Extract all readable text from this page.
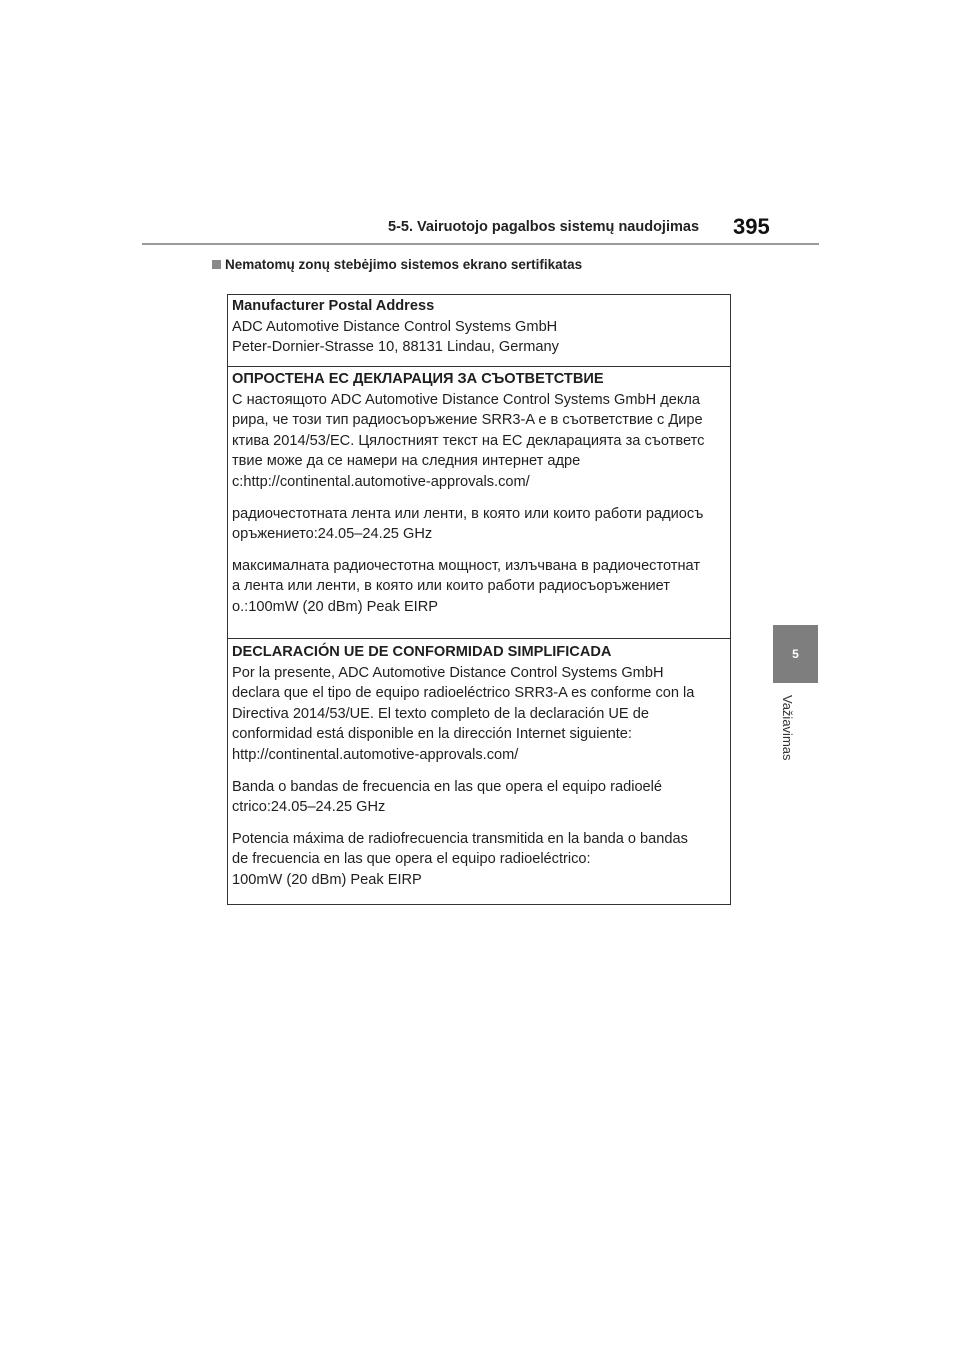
5-5. Vairuotojo pagalbos sistemų naudojimas 395
Nematomų zonų stebėjimo sistemos ekrano sertifikatas
5
Važiavimas
Manufacturer Postal Address
ADC Automotive Distance Control Systems GmbH
Peter-Dornier-Strasse 10, 88131 Lindau, Germany
ОПРОСТЕНА ЕС ДЕКЛАРАЦИЯ ЗА СЪОТВЕТСТВИЕ
С настоящото ADC Automotive Distance Control Systems GmbH декла
рира, че този тип радиосъоръжение SRR3-A е в съответствие с Дире
ктива 2014/53/ЕС. Цялостният текст на ЕС декларацията за съответс
твие може да се намери на следния интернет адре
c:http://continental.automotive-approvals.com/
радиочестотната лента или ленти, в която или които работи радиосъ
оръжението:24.05–24.25 GHz
максималната радиочестотна мощност, излъчвана в радиочестотнат
а лента или ленти, в която или които работи радиосъоръжениет
о.:100mW (20 dBm) Peak EIRP
DECLARACIÓN UE DE CONFORMIDAD SIMPLIFICADA
Por la presente, ADC Automotive Distance Control Systems GmbH
declara que el tipo de equipo radioeléctrico SRR3-A es conforme con la
Directiva 2014/53/UE. El texto completo de la declaración UE de
conformidad está disponible en la dirección Internet siguiente:
http://continental.automotive-approvals.com/
Banda o bandas de frecuencia en las que opera el equipo radioelé
ctrico:24.05–24.25 GHz
Potencia máxima de radiofrecuencia transmitida en la banda o bandas
de frecuencia en las que opera el equipo radioeléctrico:
100mW (20 dBm) Peak EIRP
